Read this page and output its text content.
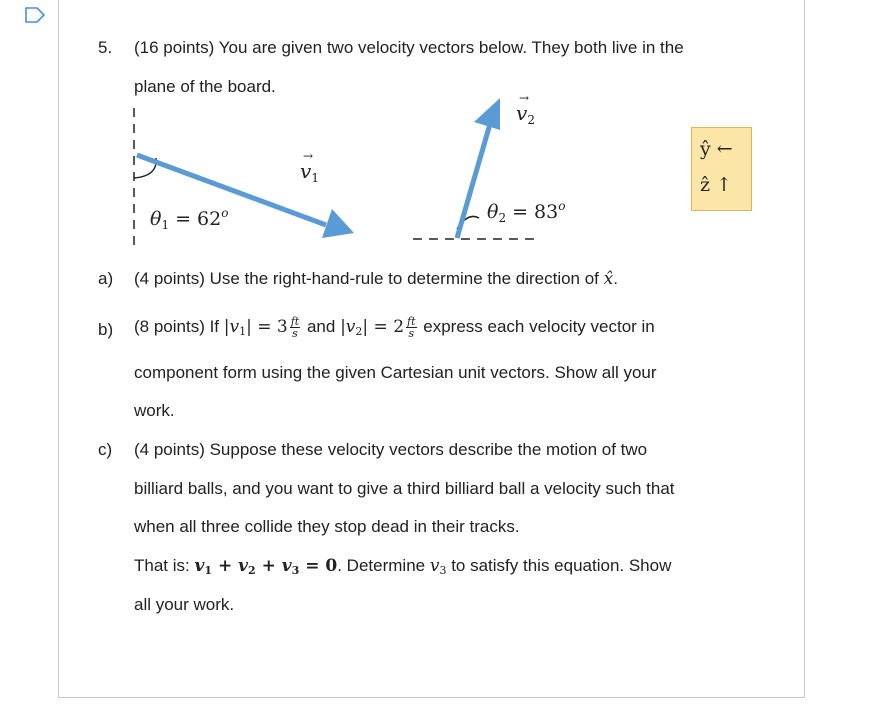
5. (16 points) You are given two velocity vectors below. They both live in the
plane of the board.
$v_1$
→
$\theta_1 = 62^o$
$v_2$
→
$\theta_2 = 83^o$
ŷ ←
ẑ ↑
a) (4 points) Use the right-hand-rule to determine the direction of x̂.
b) (8 points) If $|v_1| = 3 \frac{ft}{s}$ and $|v_2| = 2 \frac{ft}{s}$ express each velocity vector in
component form using the given Cartesian unit vectors. Show all your
work.
c) (4 points) Suppose these velocity vectors describe the motion of two
billiard balls, and you want to give a third billiard ball a velocity such that
when all three collide they stop dead in their tracks.
That is: $v_1 + v_2 + v_3 = 0$. Determine $v_3$ to satisfy this equation. Show
all your work.
